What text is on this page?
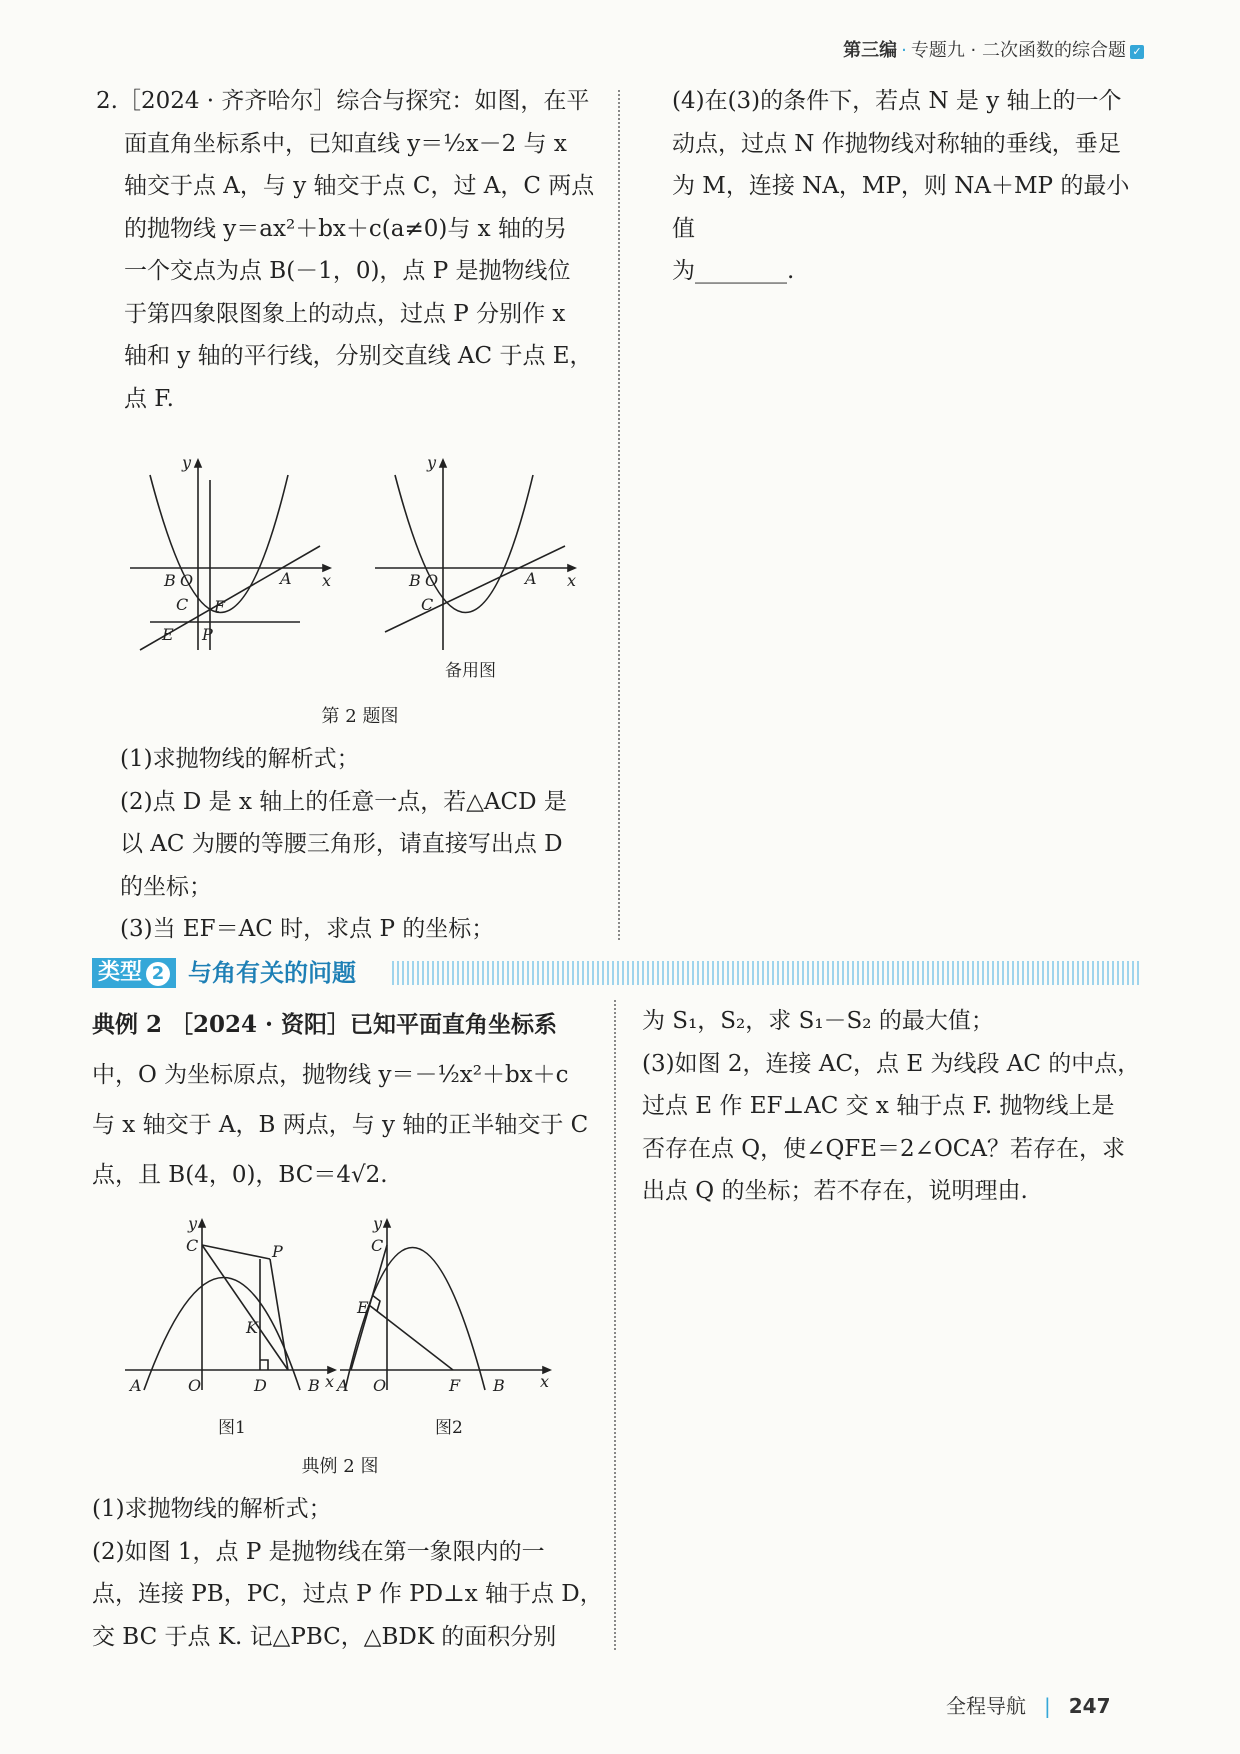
第三编 · 专题九 · 二次函数的综合题 ✓

2.［2024 · 齐齐哈尔］综合与探究：如图，在平

面直角坐标系中，已知直线 y＝½x－2 与 x

轴交于点 A，与 y 轴交于点 C，过 A，C 两点

的抛物线 y＝ax²＋bx＋c(a≠0)与 x 轴的另

一个交点为点 B(－1，0)，点 P 是抛物线位

于第四象限图象上的动点，过点 P 分别作 x

轴和 y 轴的平行线，分别交直线 AC 于点 E，

点 F.

y
x
B O	A
C F
E P
y
x
B O	A
C
备用图
第 2 题图

(1)求抛物线的解析式；

(2)点 D 是 x 轴上的任意一点，若△ACD 是

以 AC 为腰的等腰三角形，请直接写出点 D

的坐标；

(3)当 EF＝AC 时，求点 P 的坐标；

(4)在(3)的条件下，若点 N 是 y 轴上的一个

动点，过点 N 作抛物线对称轴的垂线，垂足

为 M，连接 NA，MP，则 NA＋MP 的最小值

为________.

类型 2 与角有关的问题

典例 2 ［2024 · 资阳］已知平面直角坐标系

中，O 为坐标原点，抛物线 y＝－½x²＋bx＋c

与 x 轴交于 A，B 两点，与 y 轴的正半轴交于 C

点，且 B(4，0)，BC＝4√2.

y
x
C	P
K
A	O	D	B
图1
y
x
C
E
A O	F B
图2
典例 2 图

(1)求抛物线的解析式；

(2)如图 1，点 P 是抛物线在第一象限内的一

点，连接 PB，PC，过点 P 作 PD⊥x 轴于点 D，

交 BC 于点 K. 记△PBC，△BDK 的面积分别

为 S₁，S₂，求 S₁－S₂ 的最大值；

(3)如图 2，连接 AC，点 E 为线段 AC 的中点，

过点 E 作 EF⊥AC 交 x 轴于点 F. 抛物线上是

否存在点 Q，使∠QFE＝2∠OCA？若存在，求

出点 Q 的坐标；若不存在，说明理由.

全程导航 | 247
